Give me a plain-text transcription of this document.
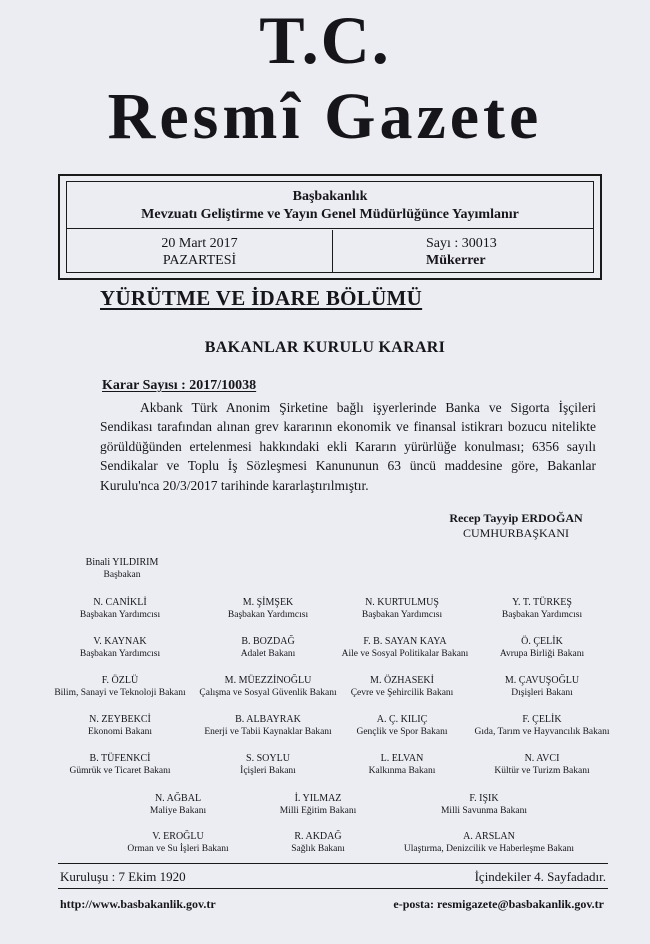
T.C.
Resmî Gazete
Başbakanlık
Mevzuatı Geliştirme ve Yayın Genel Müdürlüğünce Yayımlanır
20 Mart 2017
PAZARTESİ
Sayı : 30013
Mükerrer
YÜRÜTME VE İDARE BÖLÜMÜ
BAKANLAR KURULU KARARI
Karar Sayısı : 2017/10038

Akbank Türk Anonim Şirketine bağlı işyerlerinde Banka ve Sigorta İşçileri Sendikası tarafından alınan grev kararının ekonomik ve finansal istikrarı bozucu nitelikte görüldüğünden ertelenmesi hakkındaki ekli Kararın yürürlüğe konulması; 6356 sayılı Sendikalar ve Toplu İş Sözleşmesi Kanununun 63 üncü maddesine göre, Bakanlar Kurulu'nca 20/3/2017 tarihinde kararlaştırılmıştır.

Recep Tayyip ERDOĞAN
CUMHURBAŞKANI
Binali YILDIRIM
Başbakan
N. CANİKLİ
Başbakan Yardımcısı
M. ŞİMŞEK
Başbakan Yardımcısı
N. KURTULMUŞ
Başbakan Yardımcısı
Y. T. TÜRKEŞ
Başbakan Yardımcısı
V. KAYNAK
Başbakan Yardımcısı
B. BOZDAĞ
Adalet Bakanı
F. B. SAYAN KAYA
Aile ve Sosyal Politikalar Bakanı
Ö. ÇELİK
Avrupa Birliği Bakanı
F. ÖZLÜ
Bilim, Sanayi ve Teknoloji Bakanı
M. MÜEZZİNOĞLU
Çalışma ve Sosyal Güvenlik Bakanı
M. ÖZHASEKİ
Çevre ve Şehircilik Bakanı
M. ÇAVUŞOĞLU
Dışişleri Bakanı
N. ZEYBEKCİ
Ekonomi Bakanı
B. ALBAYRAK
Enerji ve Tabii Kaynaklar Bakanı
A. Ç. KILIÇ
Gençlik ve Spor Bakanı
F. ÇELİK
Gıda, Tarım ve Hayvancılık Bakanı
B. TÜFENKCİ
Gümrük ve Ticaret Bakanı
S. SOYLU
İçişleri Bakanı
L. ELVAN
Kalkınma Bakanı
N. AVCI
Kültür ve Turizm Bakanı
N. AĞBAL
Maliye Bakanı
İ. YILMAZ
Milli Eğitim Bakanı
F. IŞIK
Milli Savunma Bakanı
V. EROĞLU
Orman ve Su İşleri Bakanı
R. AKDAĞ
Sağlık Bakanı
A. ARSLAN
Ulaştırma, Denizcilik ve Haberleşme Bakanı
Kuruluşu : 7 Ekim 1920	İçindekiler 4. Sayfadadır.
http://www.basbakanlik.gov.tr	e-posta: resmigazete@basbakanlik.gov.tr
